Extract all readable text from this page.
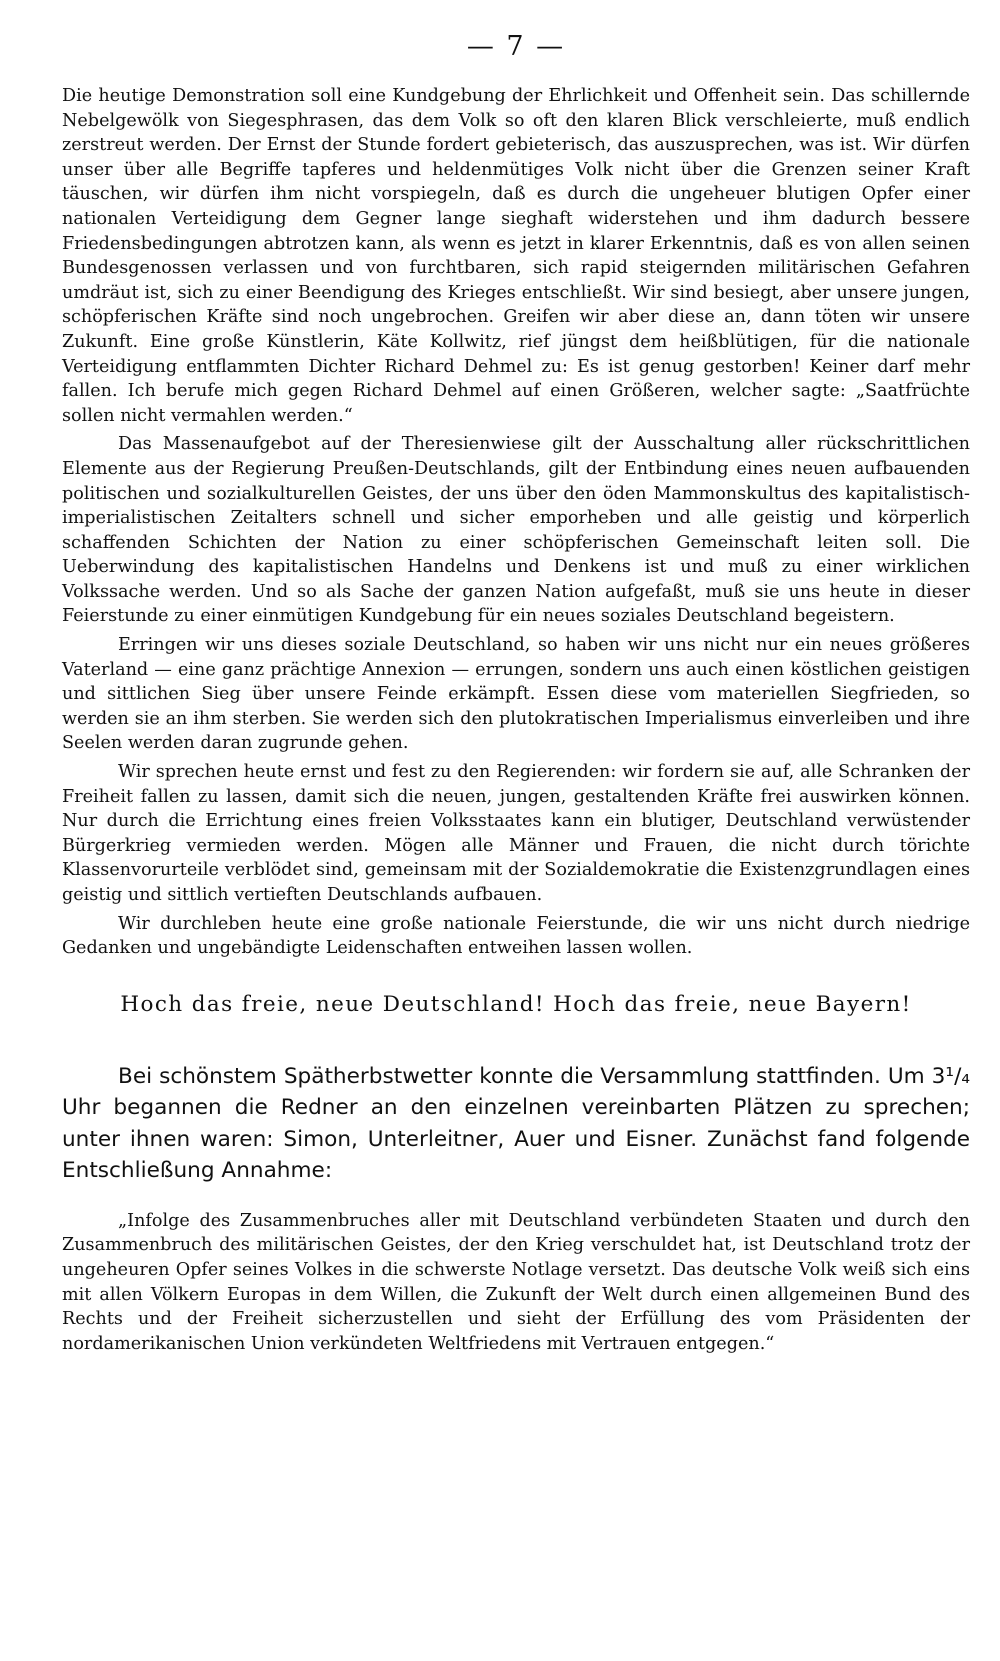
— 7 —

Die heutige Demonstration soll eine Kundgebung der Ehrlichkeit und Offenheit sein. Das schillernde Nebelgewölk von Siegesphrasen, das dem Volk so oft den klaren Blick verschleierte, muß endlich zerstreut werden. Der Ernst der Stunde fordert gebieterisch, das auszusprechen, was ist. Wir dürfen unser über alle Begriffe tapferes und heldenmütiges Volk nicht über die Grenzen seiner Kraft täuschen, wir dürfen ihm nicht vorspiegeln, daß es durch die ungeheuer blutigen Opfer einer nationalen Verteidigung dem Gegner lange sieghaft widerstehen und ihm dadurch bessere Friedensbedingungen abtrotzen kann, als wenn es jetzt in klarer Erkenntnis, daß es von allen seinen Bundesgenossen verlassen und von furchtbaren, sich rapid steigernden militärischen Gefahren umdräut ist, sich zu einer Beendigung des Krieges entschließt. Wir sind besiegt, aber unsere jungen, schöpferischen Kräfte sind noch ungebrochen. Greifen wir aber diese an, dann töten wir unsere Zukunft. Eine große Künstlerin, Käte Kollwitz, rief jüngst dem heißblütigen, für die nationale Verteidigung entflammten Dichter Richard Dehmel zu: Es ist genug gestorben! Keiner darf mehr fallen. Ich berufe mich gegen Richard Dehmel auf einen Größeren, welcher sagte: „Saatfrüchte sollen nicht vermahlen werden.“

Das Massenaufgebot auf der Theresienwiese gilt der Ausschaltung aller rückschrittlichen Elemente aus der Regierung Preußen-Deutschlands, gilt der Entbindung eines neuen aufbauenden politischen und sozialkulturellen Geistes, der uns über den öden Mammonskultus des kapitalistisch-imperialistischen Zeitalters schnell und sicher emporheben und alle geistig und körperlich schaffenden Schichten der Nation zu einer schöpferischen Gemeinschaft leiten soll. Die Ueberwindung des kapitalistischen Handelns und Denkens ist und muß zu einer wirklichen Volkssache werden. Und so als Sache der ganzen Nation aufgefaßt, muß sie uns heute in dieser Feierstunde zu einer einmütigen Kundgebung für ein neues soziales Deutschland begeistern.

Erringen wir uns dieses soziale Deutschland, so haben wir uns nicht nur ein neues größeres Vaterland — eine ganz prächtige Annexion — errungen, sondern uns auch einen köstlichen geistigen und sittlichen Sieg über unsere Feinde erkämpft. Essen diese vom materiellen Siegfrieden, so werden sie an ihm sterben. Sie werden sich den plutokratischen Imperialismus einverleiben und ihre Seelen werden daran zugrunde gehen.

Wir sprechen heute ernst und fest zu den Regierenden: wir fordern sie auf, alle Schranken der Freiheit fallen zu lassen, damit sich die neuen, jungen, gestaltenden Kräfte frei auswirken können. Nur durch die Errichtung eines freien Volksstaates kann ein blutiger, Deutschland verwüstender Bürgerkrieg vermieden werden. Mögen alle Männer und Frauen, die nicht durch törichte Klassenvorurteile verblödet sind, gemeinsam mit der Sozialdemokratie die Existenzgrundlagen eines geistig und sittlich vertieften Deutschlands aufbauen.

Wir durchleben heute eine große nationale Feierstunde, die wir uns nicht durch niedrige Gedanken und ungebändigte Leidenschaften entweihen lassen wollen.

Hoch das freie, neue Deutschland! Hoch das freie, neue Bayern!

Bei schönstem Spätherbstwetter konnte die Versammlung stattfinden. Um 3¹/₄ Uhr begannen die Redner an den einzelnen vereinbarten Plätzen zu sprechen; unter ihnen waren: Simon, Unterleitner, Auer und Eisner. Zunächst fand folgende Entschließung Annahme:

„Infolge des Zusammenbruches aller mit Deutschland verbündeten Staaten und durch den Zusammenbruch des militärischen Geistes, der den Krieg verschuldet hat, ist Deutschland trotz der ungeheuren Opfer seines Volkes in die schwerste Notlage versetzt. Das deutsche Volk weiß sich eins mit allen Völkern Europas in dem Willen, die Zukunft der Welt durch einen allgemeinen Bund des Rechts und der Freiheit sicherzustellen und sieht der Erfüllung des vom Präsidenten der nordamerikanischen Union verkündeten Weltfriedens mit Vertrauen entgegen.“
